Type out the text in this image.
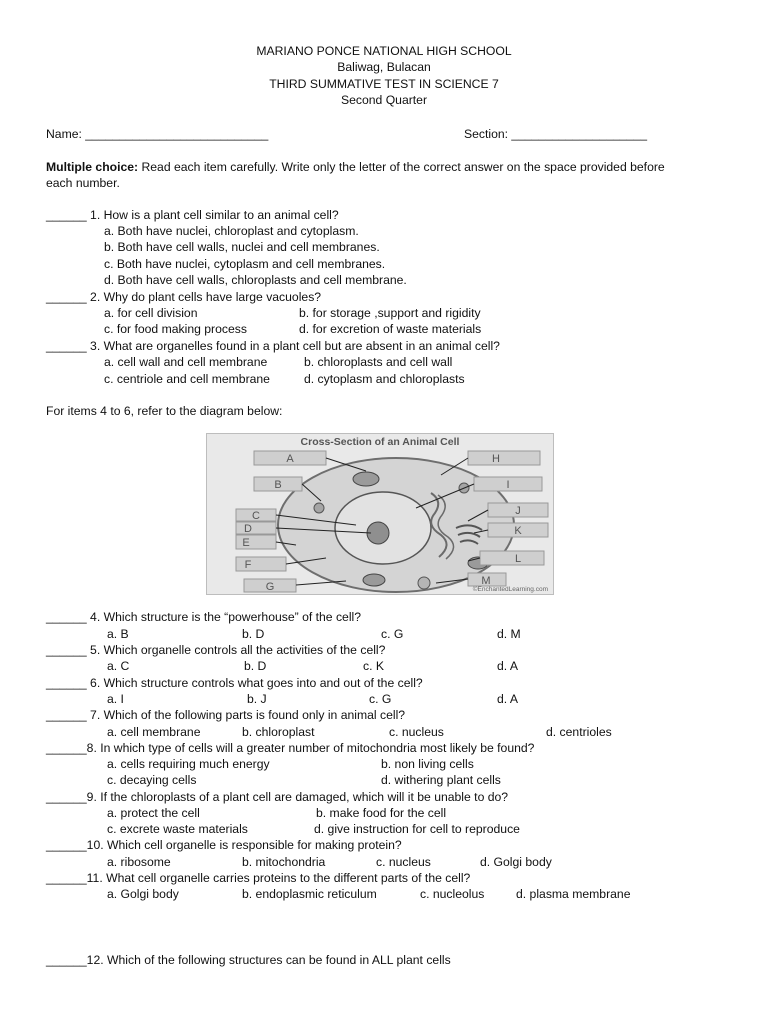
MARIANO PONCE NATIONAL HIGH SCHOOL
Baliwag, Bulacan
THIRD SUMMATIVE TEST IN SCIENCE 7
Second Quarter
Name: ___________________________	Section: ____________________
Multiple choice: Read each item carefully. Write only the letter of the correct answer on the space provided before
each number.
______ 1. How is a plant cell similar to an animal cell?
a. Both have nuclei, chloroplast and cytoplasm.
b. Both have cell walls, nuclei and cell membranes.
c. Both have nuclei, cytoplasm and cell membranes.
d. Both have cell walls, chloroplasts and cell membrane.
______ 2. Why do plant cells have large vacuoles?
a. for cell division	b. for storage ,support and rigidity
c. for food making process	d. for excretion of waste materials
______ 3. What are organelles found in a plant cell but are absent in an animal cell?
a. cell wall and cell membrane	b. chloroplasts and cell wall
c. centriole and cell membrane	d. cytoplasm and chloroplasts
For items 4 to 6, refer to the diagram below:
Cross-Section of an Animal Cell
A
B
C
D
E
F
G
H
I
J
K
L
M
©EnchantedLearning.com
______ 4. Which structure is the “powerhouse” of the cell?
a. B	b. D	c. G	d. M
______ 5. Which organelle controls all the activities of the cell?
a. C	b. D	c. K	d. A
______ 6. Which structure controls what goes into and out of the cell?
a. I	b. J	c. G	d. A
______ 7. Which of the following parts is found only in animal cell?
a. cell membrane	b. chloroplast	c. nucleus	d. centrioles
______8. In which type of cells will a greater number of mitochondria most likely be found?
a. cells requiring much energy	b. non living cells
c. decaying cells	d. withering plant cells
______9. If the chloroplasts of a plant cell are damaged, which will it be unable to do?
a. protect the cell	b. make food for the cell
c. excrete waste materials	d. give instruction for cell to reproduce
______10. Which cell organelle is responsible for making protein?
a. ribosome	b. mitochondria	c. nucleus	d. Golgi body
______11. What cell organelle carries proteins to the different parts of the cell?
a. Golgi body	b. endoplasmic reticulum	c. nucleolus	d. plasma membrane
______12. Which of the following structures can be found in ALL plant cells
